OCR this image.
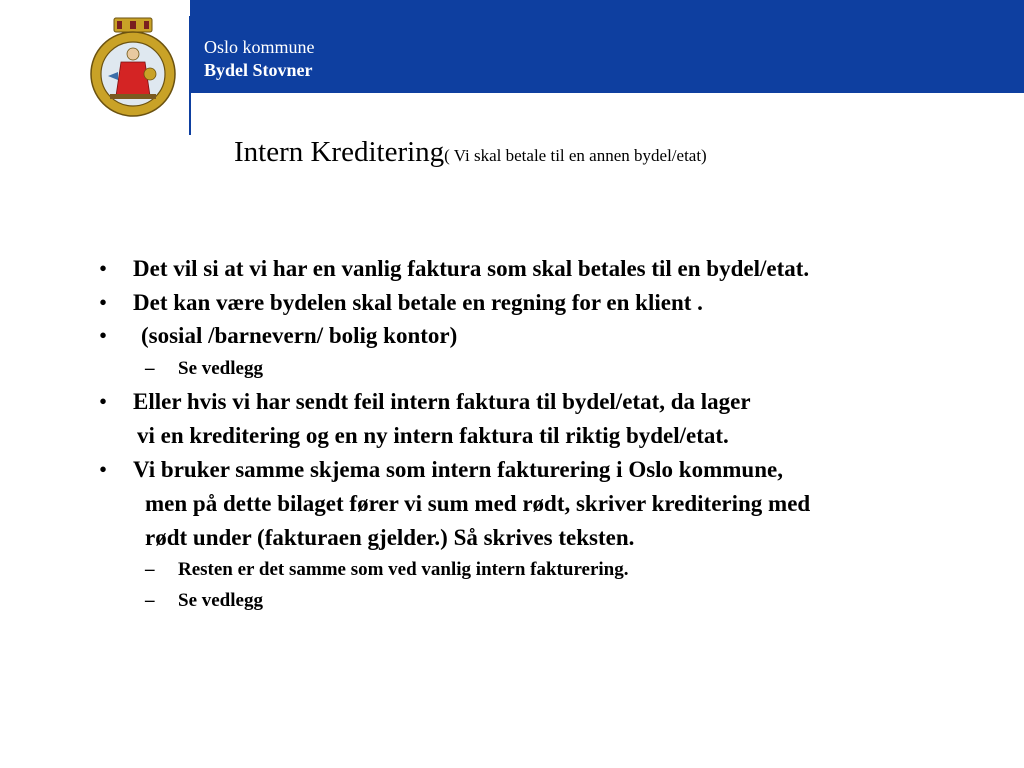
Oslo kommune
Bydel Stovner
Intern Kreditering( Vi skal betale til en annen bydel/etat)
• Det vil si at vi har en vanlig faktura som skal betales til en bydel/etat.
• Det kan være bydelen skal betale en regning for en klient .
• (sosial /barnevern/ bolig kontor)
– Se vedlegg
• Eller hvis vi har sendt feil intern faktura til bydel/etat, da lager
vi en kreditering og en ny intern faktura til riktig bydel/etat.
• Vi bruker samme skjema som intern fakturering i Oslo kommune,
men på dette bilaget fører vi sum med rødt, skriver kreditering med
rødt under (fakturaen gjelder.) Så skrives teksten.
– Resten er det samme som ved vanlig intern fakturering.
– Se vedlegg
